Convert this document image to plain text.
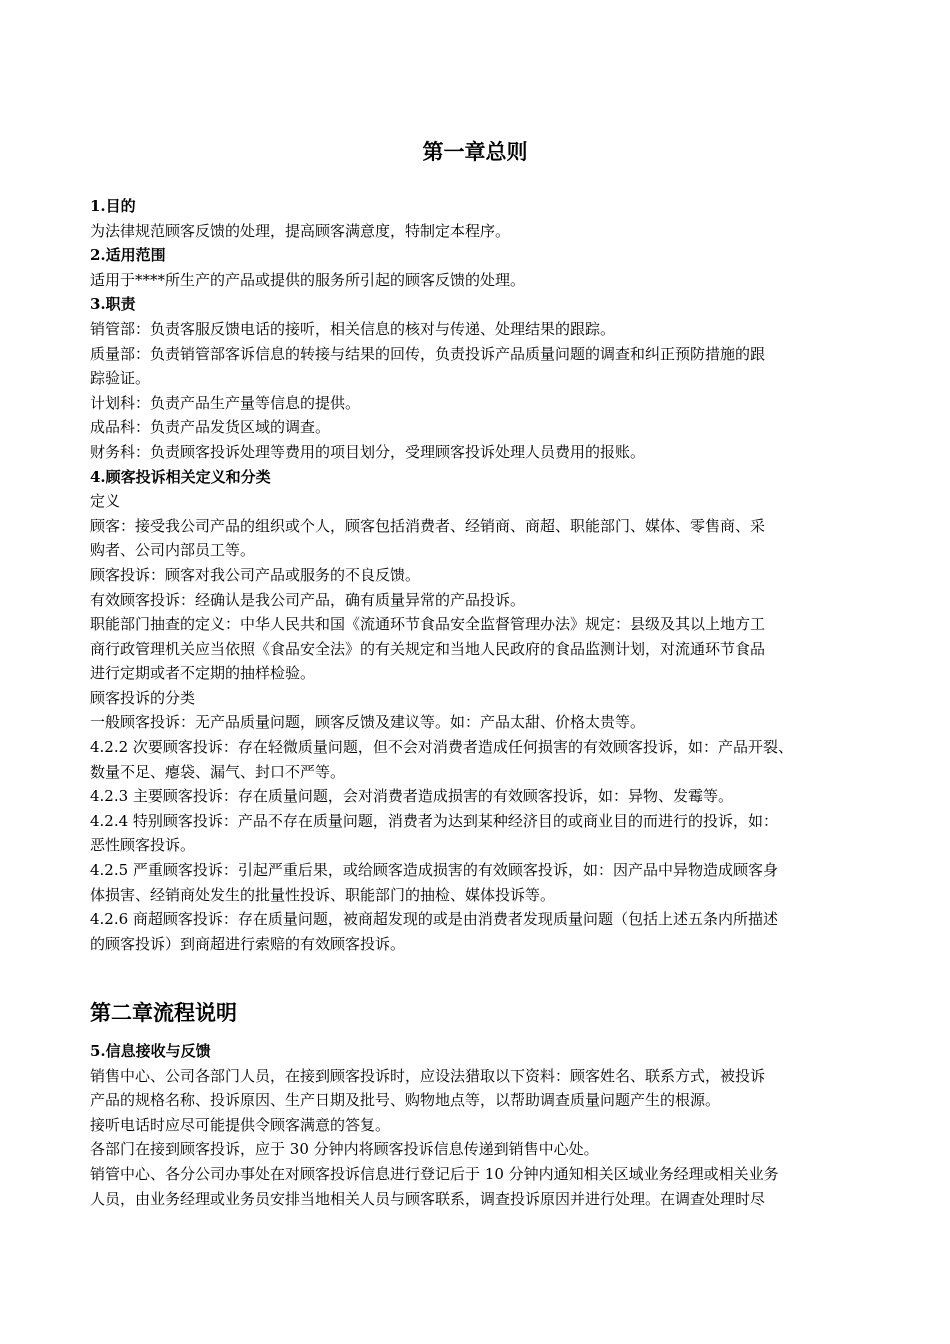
第一章总则

1.目的

为法律规范顾客反馈的处理，提高顾客满意度，特制定本程序。

2.适用范围

适用于****所生产的产品或提供的服务所引起的顾客反馈的处理。

3.职责

销管部：负责客服反馈电话的接听，相关信息的核对与传递、处理结果的跟踪。

质量部：负责销管部客诉信息的转接与结果的回传，负责投诉产品质量问题的调查和纠正预防措施的跟

踪验证。

计划科：负责产品生产量等信息的提供。

成品科：负责产品发货区域的调查。

财务科：负责顾客投诉处理等费用的项目划分，受理顾客投诉处理人员费用的报账。

4.顾客投诉相关定义和分类

定义

顾客：接受我公司产品的组织或个人，顾客包括消费者、经销商、商超、职能部门、媒体、零售商、采

购者、公司内部员工等。

顾客投诉：顾客对我公司产品或服务的不良反馈。

有效顾客投诉：经确认是我公司产品，确有质量异常的产品投诉。

职能部门抽查的定义：中华人民共和国《流通环节食品安全监督管理办法》规定：县级及其以上地方工

商行政管理机关应当依照《食品安全法》的有关规定和当地人民政府的食品监测计划，对流通环节食品

进行定期或者不定期的抽样检验。

顾客投诉的分类

一般顾客投诉：无产品质量问题，顾客反馈及建议等。如：产品太甜、价格太贵等。

4.2.2 次要顾客投诉：存在轻微质量问题，但不会对消费者造成任何损害的有效顾客投诉，如：产品开裂、

数量不足、瘪袋、漏气、封口不严等。

4.2.3 主要顾客投诉：存在质量问题，会对消费者造成损害的有效顾客投诉，如：异物、发霉等。

4.2.4 特别顾客投诉：产品不存在质量问题，消费者为达到某种经济目的或商业目的而进行的投诉，如：

恶性顾客投诉。

4.2.5 严重顾客投诉：引起严重后果，或给顾客造成损害的有效顾客投诉，如：因产品中异物造成顾客身

体损害、经销商处发生的批量性投诉、职能部门的抽检、媒体投诉等。

4.2.6 商超顾客投诉：存在质量问题，被商超发现的或是由消费者发现质量问题（包括上述五条内所描述

的顾客投诉）到商超进行索赔的有效顾客投诉。

第二章流程说明

5.信息接收与反馈

销售中心、公司各部门人员，在接到顾客投诉时，应设法猎取以下资料：顾客姓名、联系方式，被投诉

产品的规格名称、投诉原因、生产日期及批号、购物地点等，以帮助调查质量问题产生的根源。

接听电话时应尽可能提供令顾客满意的答复。

各部门在接到顾客投诉，应于 30 分钟内将顾客投诉信息传递到销售中心处。

销管中心、各分公司办事处在对顾客投诉信息进行登记后于 10 分钟内通知相关区域业务经理或相关业务

人员，由业务经理或业务员安排当地相关人员与顾客联系，调查投诉原因并进行处理。在调查处理时尽
